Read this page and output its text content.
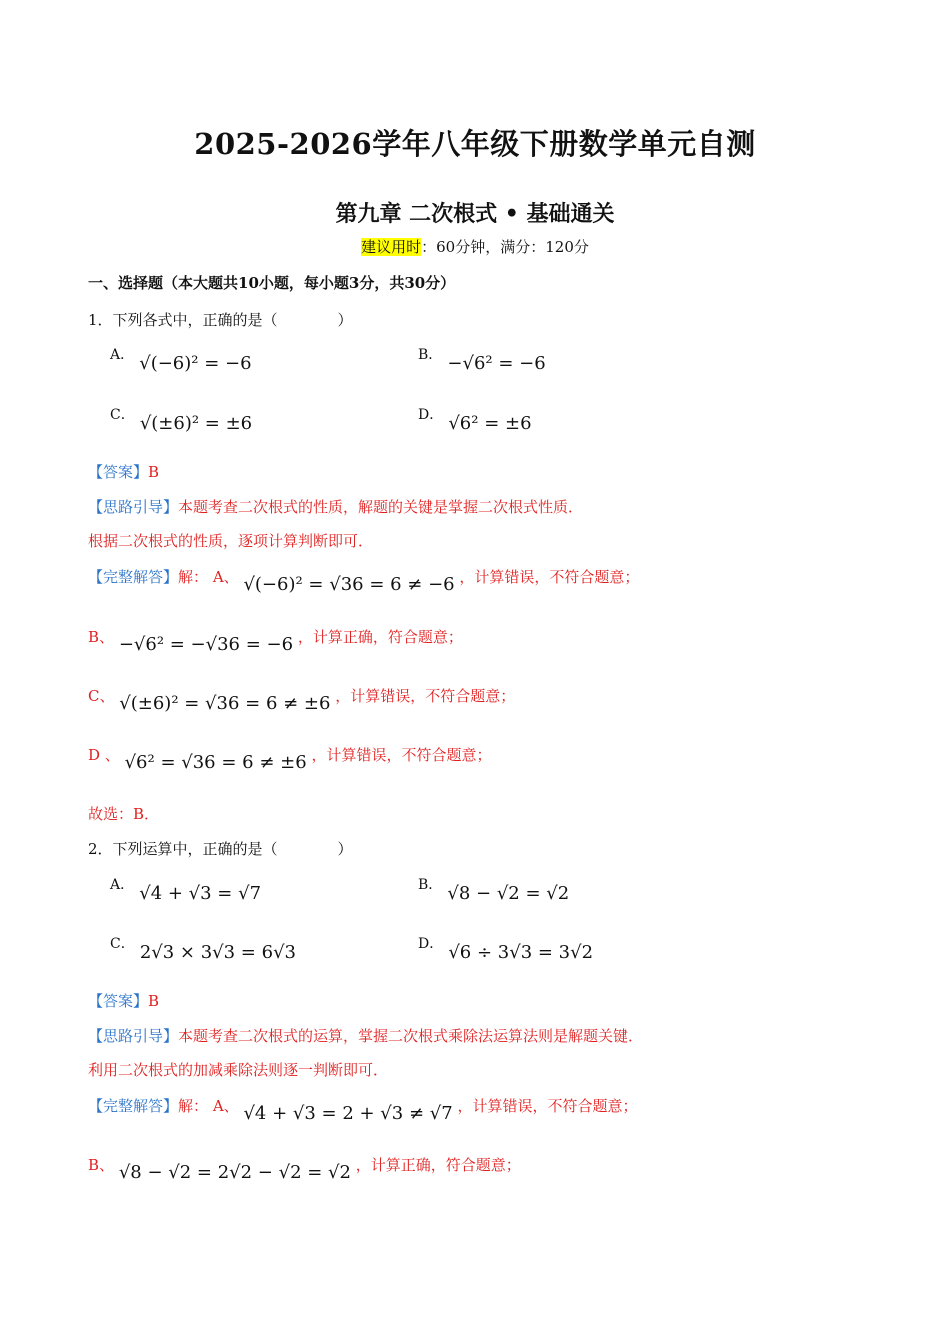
2025-2026学年八年级下册数学单元自测
第九章 二次根式 • 基础通关
建议用时：60分钟，满分：120分
一、选择题（本大题共10小题，每小题3分，共30分）
1．下列各式中，正确的是（　　　　）
A． √(−6)² = −6	B． −√6² = −6
C． √(±6)² = ±6	D． √6² = ±6
【答案】B
【思路引导】本题考查二次根式的性质，解题的关键是掌握二次根式性质．
根据二次根式的性质，逐项计算判断即可．
【完整解答】解： A、 √(−6)² = √36 = 6 ≠ −6 ，计算错误，不符合题意；
B、 −√6² = −√36 = −6 ，计算正确，符合题意；
C、 √(±6)² = √36 = 6 ≠ ±6 ，计算错误，不符合题意；
D 、 √6² = √36 = 6 ≠ ±6 ，计算错误，不符合题意；
故选：B．
2．下列运算中，正确的是（　　　　）
A． √4 + √3 = √7	B． √8 − √2 = √2
C． 2√3 × 3√3 = 6√3	D． √6 ÷ 3√3 = 3√2
【答案】B
【思路引导】本题考查二次根式的运算，掌握二次根式乘除法运算法则是解题关键．
利用二次根式的加减乘除法则逐一判断即可．
【完整解答】解： A、 √4 + √3 = 2 + √3 ≠ √7 ，计算错误，不符合题意；
B、 √8 − √2 = 2√2 − √2 = √2 ，计算正确，符合题意；
